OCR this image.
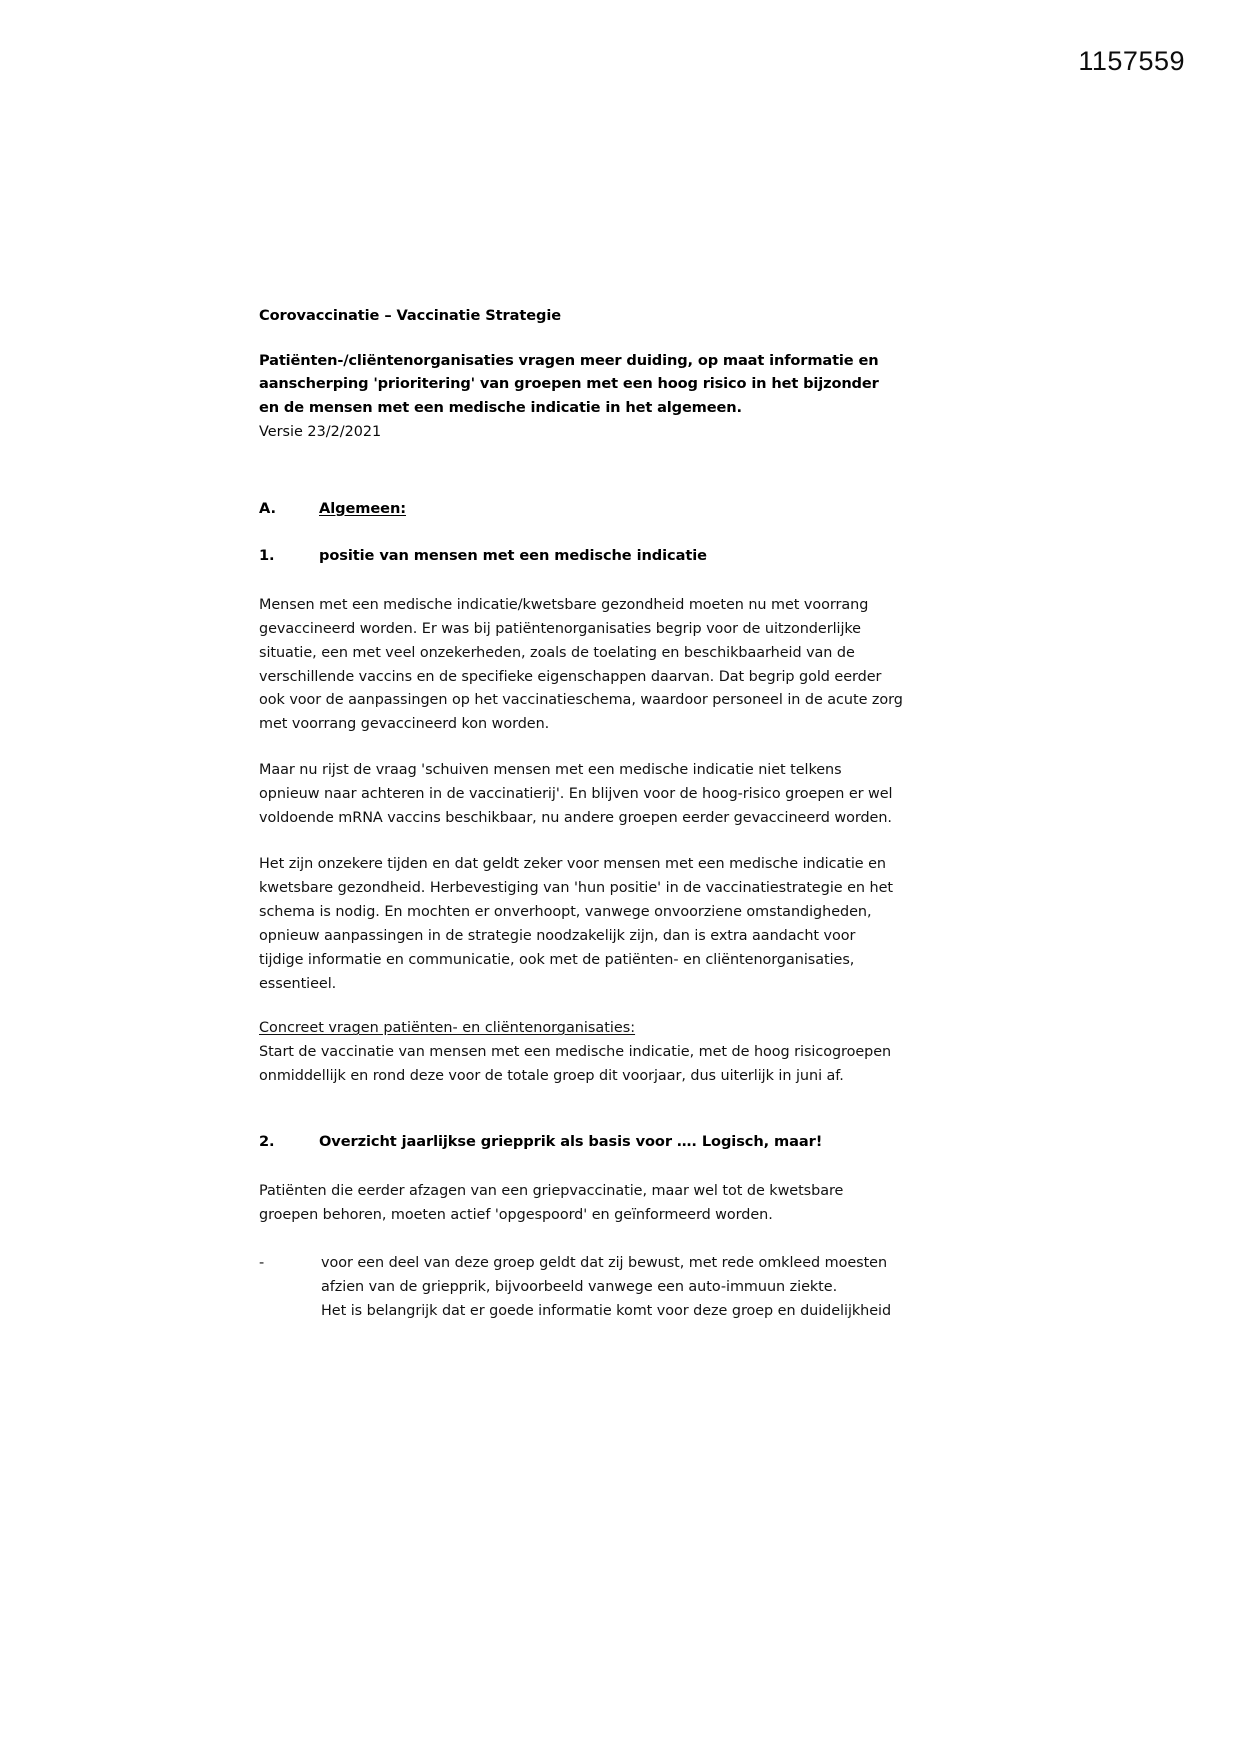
1157559
Corovaccinatie – Vaccinatie Strategie
Patiënten-/cliëntenorganisaties vragen meer duiding, op maat informatie en
aanscherping 'prioritering' van groepen met een hoog risico in het bijzonder
en de mensen met een medische indicatie in het algemeen.
Versie 23/2/2021
A.	Algemeen:
1.	positie van mensen met een medische indicatie

Mensen met een medische indicatie/kwetsbare gezondheid moeten nu met voorrang gevaccineerd worden. Er was bij patiëntenorganisaties begrip voor de uitzonderlijke situatie, een met veel onzekerheden, zoals de toelating en beschikbaarheid van de verschillende vaccins en de specifieke eigenschappen daarvan. Dat begrip gold eerder ook voor de aanpassingen op het vaccinatieschema, waardoor personeel in de acute zorg met voorrang gevaccineerd kon worden.

Maar nu rijst de vraag 'schuiven mensen met een medische indicatie niet telkens opnieuw naar achteren in de vaccinatierij'. En blijven voor de hoog-risico groepen er wel voldoende mRNA vaccins beschikbaar, nu andere groepen eerder gevaccineerd worden.

Het zijn onzekere tijden en dat geldt zeker voor mensen met een medische indicatie en kwetsbare gezondheid. Herbevestiging van 'hun positie' in de vaccinatiestrategie en het schema is nodig. En mochten er onverhoopt, vanwege onvoorziene omstandigheden, opnieuw aanpassingen in de strategie noodzakelijk zijn, dan is extra aandacht voor tijdige informatie en communicatie, ook met de patiënten- en cliëntenorganisaties, essentieel.

Concreet vragen patiënten- en cliëntenorganisaties:

Start de vaccinatie van mensen met een medische indicatie, met de hoog risicogroepen onmiddellijk en rond deze voor de totale groep dit voorjaar, dus uiterlijk in juni af.

2.	Overzicht jaarlijkse griepprik als basis voor …. Logisch, maar!

Patiënten die eerder afzagen van een griepvaccinatie, maar wel tot de kwetsbare groepen behoren, moeten actief 'opgespoord' en geïnformeerd worden.

-	voor een deel van deze groep geldt dat zij bewust, met rede omkleed moesten
afzien van de griepprik, bijvoorbeeld vanwege een auto-immuun ziekte.
Het is belangrijk dat er goede informatie komt voor deze groep en duidelijkheid
